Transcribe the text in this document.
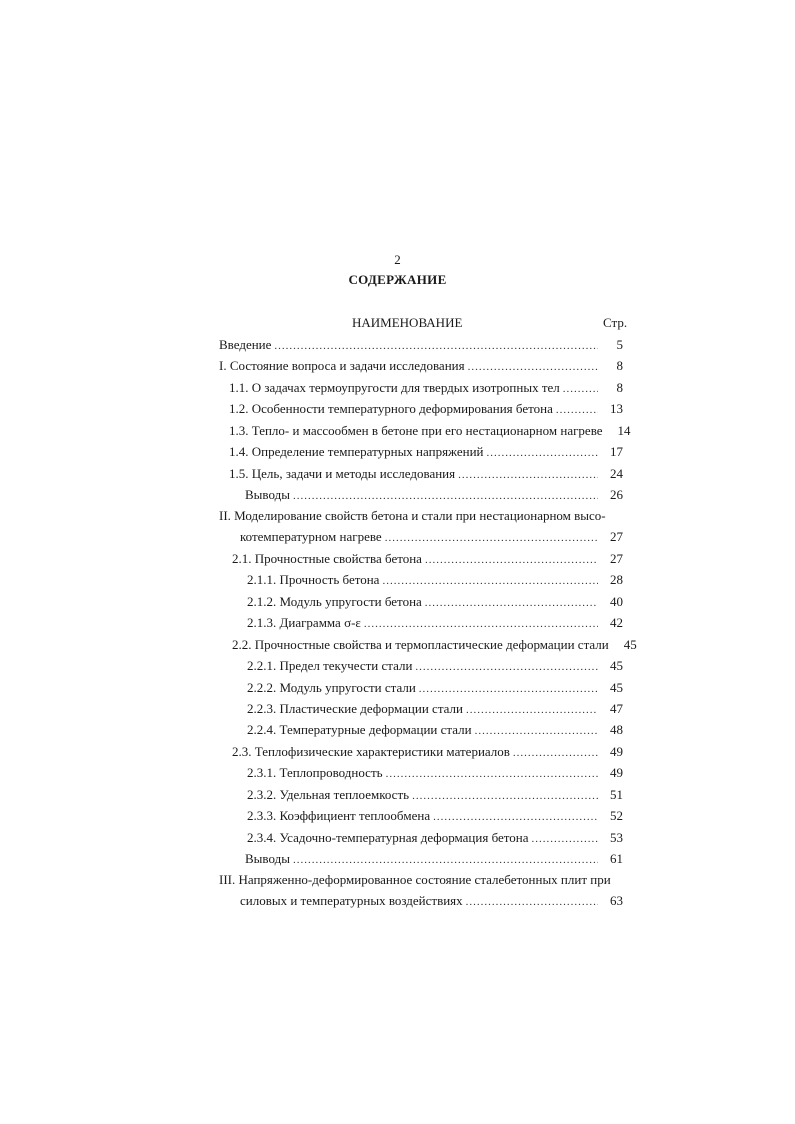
2
СОДЕРЖАНИЕ
НАИМЕНОВАНИЕ	Стр.
Введение .....	5
I. Состояние вопроса и задачи исследования .....	8
1.1. О задачах термоупругости для твердых изотропных тел .....	8
1.2. Особенности температурного деформирования бетона .....	13
1.3. Тепло- и массообмен в бетоне при его нестационарном нагреве	14
1.4. Определение температурных напряжений .....	17
1.5. Цель, задачи и методы исследования .....	24
Выводы .....	26
II. Моделирование свойств бетона и стали при нестационарном высо-
котемпературном нагреве .....	27
2.1. Прочностные свойства бетона .....	27
2.1.1. Прочность бетона .....	28
2.1.2. Модуль упругости бетона .....	40
2.1.3. Диаграмма σ-ε .....	42
2.2. Прочностные свойства и термопластические деформации стали	45
2.2.1. Предел текучести стали .....	45
2.2.2. Модуль упругости стали .....	45
2.2.3. Пластические деформации стали .....	47
2.2.4. Температурные деформации стали .....	48
2.3. Теплофизические характеристики материалов .....	49
2.3.1. Теплопроводность .....	49
2.3.2. Удельная теплоемкость .....	51
2.3.3. Коэффициент теплообмена .....	52
2.3.4. Усадочно-температурная деформация бетона .....	53
Выводы .....	61
III. Напряженно-деформированное состояние сталебетонных плит при
силовых и температурных воздействиях .....	63
